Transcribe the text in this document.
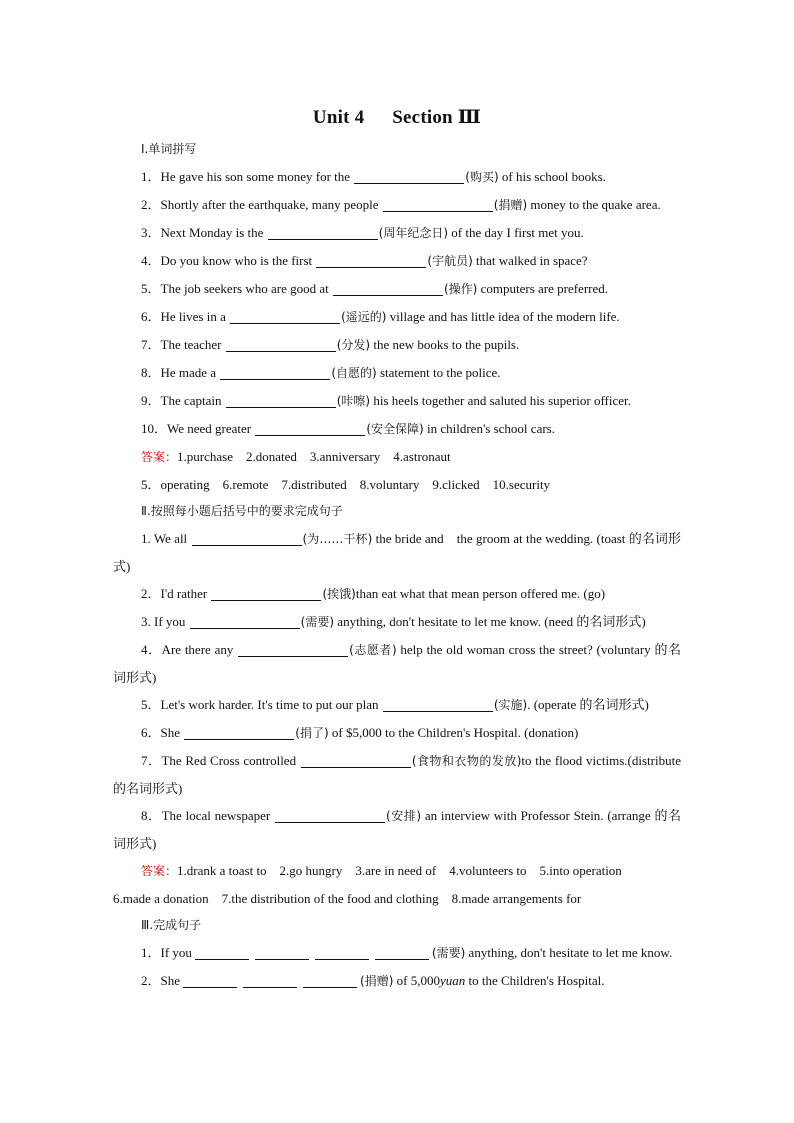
Unit 4 Section Ⅲ

Ⅰ.单词拼写

1．He gave his son some money for the	(购买) of his school books.

2．Shortly after the earthquake, many people	(捐赠) money to the quake area.

3．Next Monday is the	(周年纪念日) of the day I first met you.

4．Do you know who is the first	(宇航员) that walked in space?

5．The job seekers who are good at	(操作) computers are preferred.

6．He lives in a	(遥远的) village and has little idea of the modern life.

7．The teacher	(分发) the new books to the pupils.

8．He made a	(自愿的) statement to the police.

9．The captain	(咔嚓) his heels together and saluted his superior officer.

10．We need greater	(安全保障) in children's school cars.

答案：1.purchase　2.donated　3.anniversary　4.astronaut

5．operating　6.remote　7.distributed　8.voluntary　9.clicked　10.security

Ⅱ.按照每小题后括号中的要求完成句子

1. We all	(为……干杯) the bride and　the groom at the wedding. (toast 的名词形式)

2．I'd rather	(挨饿)than eat what that mean person offered me. (go)

3. If you	(需要) anything, don't hesitate to let me know. (need 的名词形式)

4．Are there any	(志愿者) help the old woman cross the street? (voluntary 的名词形式)

5．Let's work harder. It's time to put our plan	(实施). (operate 的名词形式)

6．She	(捐了) of $5,000 to the Children's Hospital. (donation)

7．The Red Cross controlled	(食物和衣物的发放)to the flood victims.(distribute 的名词形式)

8．The local newspaper	(安排) an interview with Professor Stein. (arrange 的名词形式)

答案：1.drank a toast to　2.go hungry　3.are in need of　4.volunteers to　5.into operation

6.made a donation　7.the distribution of the food and clothing　8.made arrangements for

Ⅲ.完成句子

1．If you	(需要) anything, don't hesitate to let me know.

2．She	(捐赠) of 5,000yuan to the Children's Hospital.
